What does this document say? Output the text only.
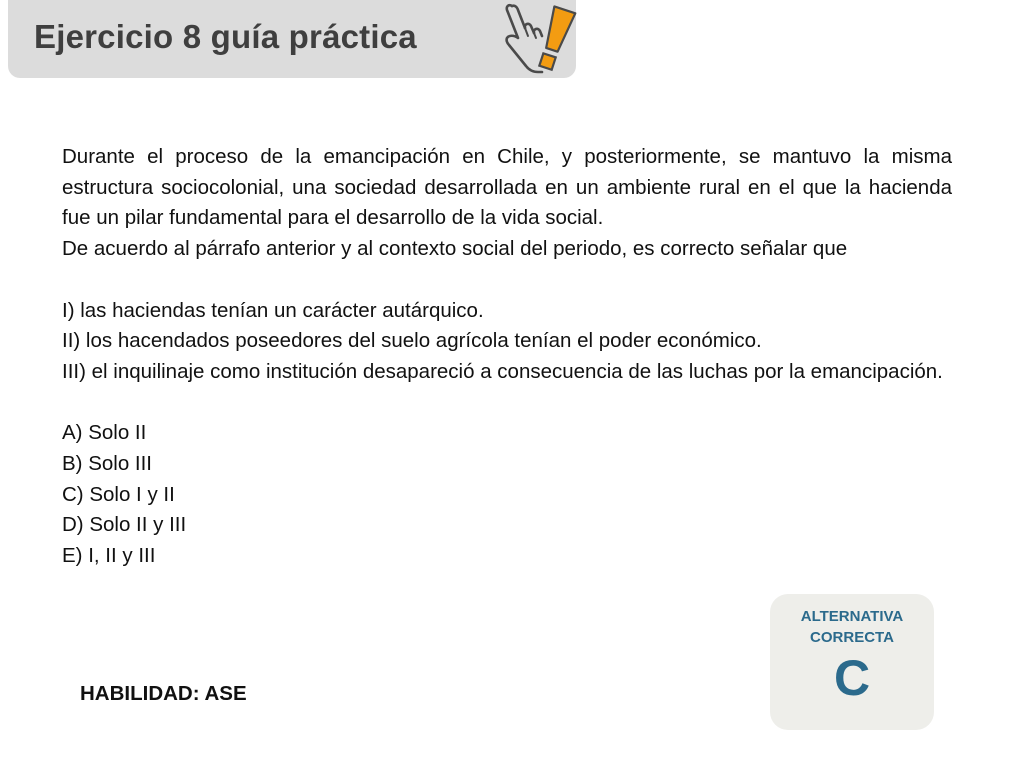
Ejercicio 8 guía práctica

Durante el proceso de la emancipación en Chile, y posteriormente, se mantuvo la misma estructura sociocolonial, una sociedad desarrollada en un ambiente rural en el que la hacienda fue un pilar fundamental para el desarrollo de la vida social.

De acuerdo al párrafo anterior y al contexto social del periodo, es correcto señalar que

I) las haciendas tenían un carácter autárquico.

II) los hacendados poseedores del suelo agrícola tenían el poder económico.

III) el inquilinaje como institución desapareció a consecuencia de las luchas por la emancipación.

A) Solo II

B) Solo III

C) Solo I y II

D) Solo II y III

E) I, II y III

HABILIDAD: ASE
ALTERNATIVA
CORRECTA
C
